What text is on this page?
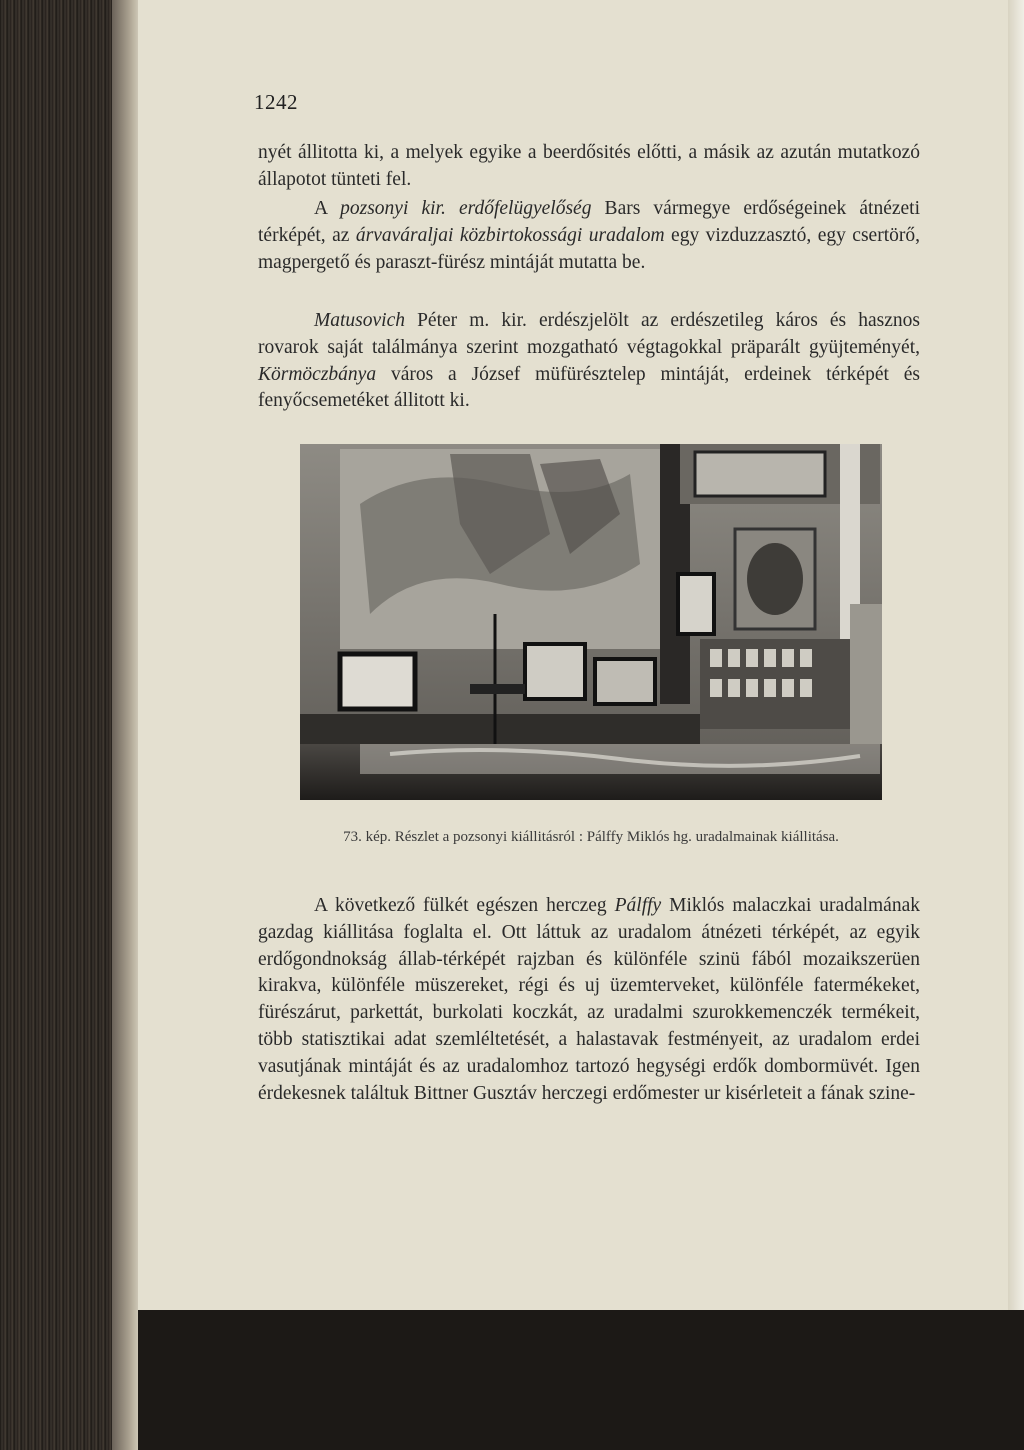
1242

nyét állitotta ki, a melyek egyike a beerdősités előtti, a másik az azután mutatkozó állapotot tünteti fel.

A pozsonyi kir. erdőfelügyelőség Bars vármegye erdőségeinek átnézeti térképét, az árvaváraljai közbirtokossági uradalom egy vizduzzasztó, egy csertörő, magpergető és paraszt-fürész mintáját mutatta be.

Matusovich Péter m. kir. erdészjelölt az erdészetileg káros és hasznos rovarok saját találmánya szerint mozgatható végtagokkal präparált gyüjteményét, Körmöczbánya város a József müfürésztelep mintáját, erdeinek térképét és fenyőcsemetéket állitott ki.

73. kép. Részlet a pozsonyi kiállitásról : Pálffy Miklós hg. uradalmainak kiállitása.

A következő fülkét egészen herczeg Pálffy Miklós malaczkai uradalmának gazdag kiállitása foglalta el. Ott láttuk az uradalom átnézeti térképét, az egyik erdőgondnokság állab-térképét rajzban és különféle szinü fából mozaikszerüen kirakva, különféle müszereket, régi és uj üzemterveket, különféle fatermékeket, fürészárut, parkettát, burkolati koczkát, az uradalmi szurokkemenczék termékeit, több statisztikai adat szemléltetését, a halastavak festményeit, az uradalom erdei vasutjának mintáját és az uradalomhoz tartozó hegységi erdők dombormüvét. Igen érdekesnek találtuk Bittner Gusztáv herczegi erdőmester ur kisérleteit a fának szine-
